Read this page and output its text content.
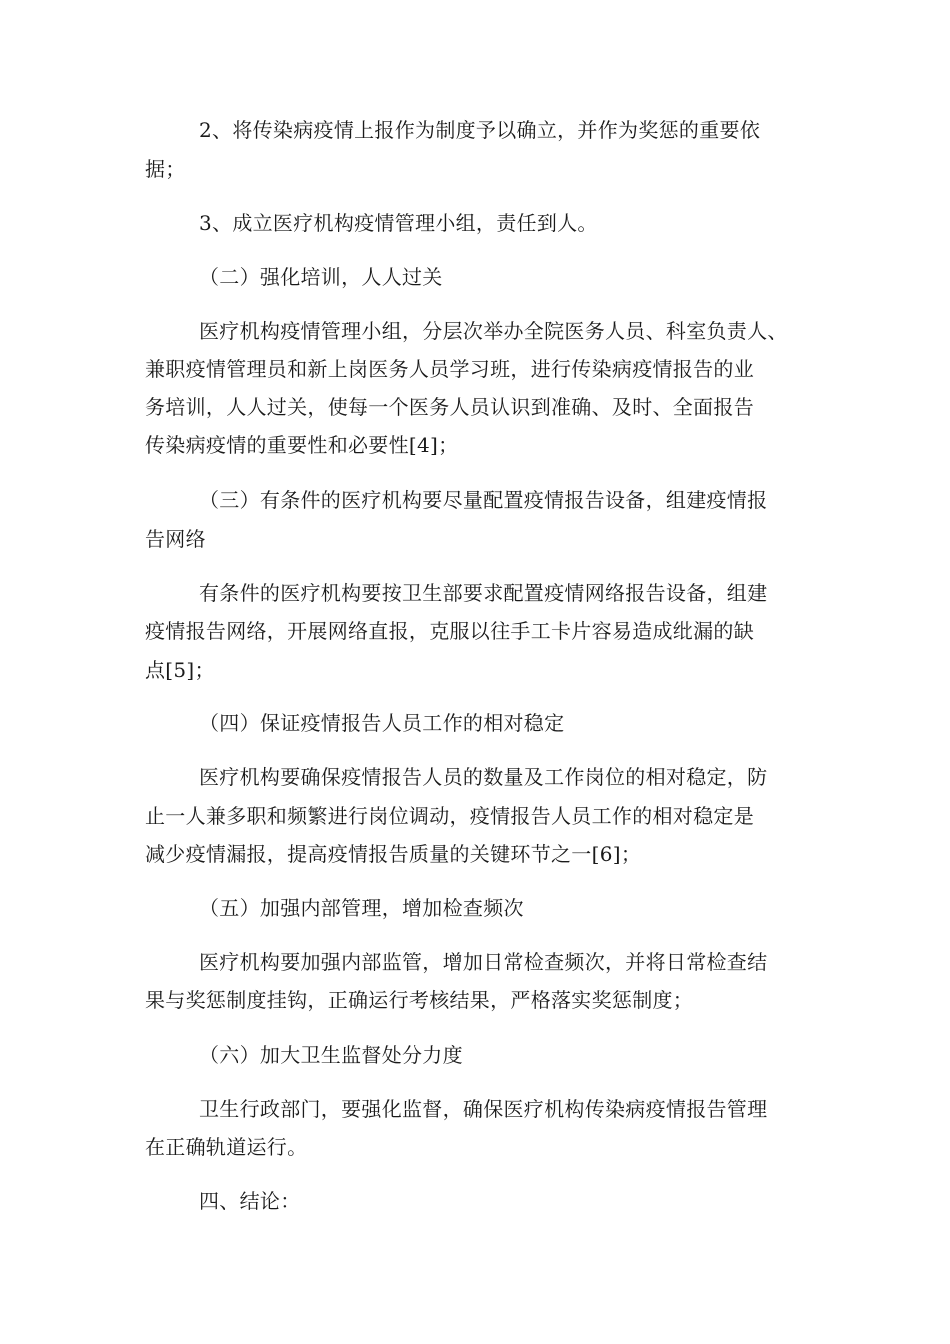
2、将传染病疫情上报作为制度予以确立，并作为奖惩的重要依

据；

3、成立医疗机构疫情管理小组，责任到人。

（二）强化培训，人人过关

医疗机构疫情管理小组，分层次举办全院医务人员、科室负责人、

兼职疫情管理员和新上岗医务人员学习班，进行传染病疫情报告的业

务培训，人人过关，使每一个医务人员认识到准确、及时、全面报告

传染病疫情的重要性和必要性[4]；

（三）有条件的医疗机构要尽量配置疫情报告设备，组建疫情报

告网络

有条件的医疗机构要按卫生部要求配置疫情网络报告设备，组建

疫情报告网络，开展网络直报，克服以往手工卡片容易造成纰漏的缺

点[5]；

（四）保证疫情报告人员工作的相对稳定

医疗机构要确保疫情报告人员的数量及工作岗位的相对稳定，防

止一人兼多职和频繁进行岗位调动，疫情报告人员工作的相对稳定是

减少疫情漏报，提高疫情报告质量的关键环节之一[6]；

（五）加强内部管理，增加检查频次

医疗机构要加强内部监管，增加日常检查频次，并将日常检查结

果与奖惩制度挂钩，正确运行考核结果，严格落实奖惩制度；

（六）加大卫生监督处分力度

卫生行政部门，要强化监督，确保医疗机构传染病疫情报告管理

在正确轨道运行。

四、结论：
